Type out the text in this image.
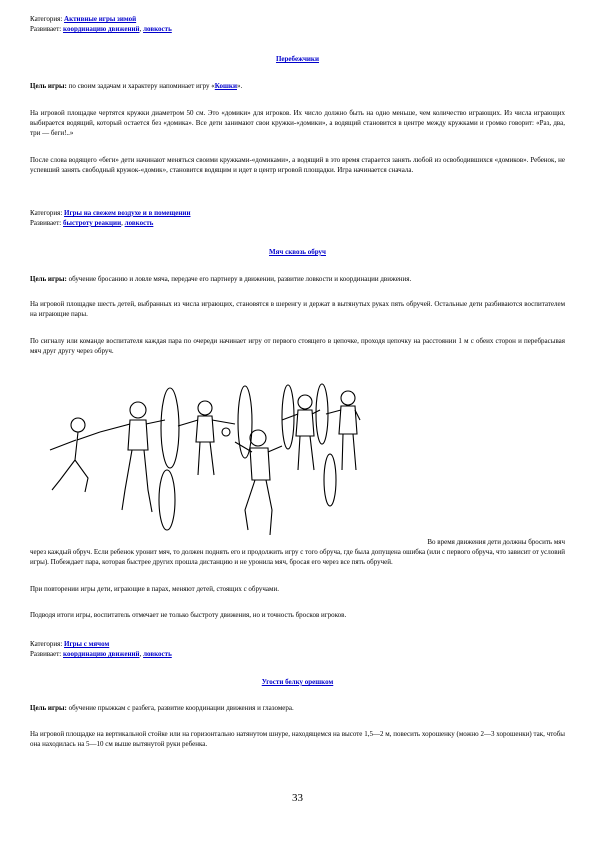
Категория: Активные игры зимой

Развивает: координацию движений, ловкость

Перебежчики

Цель игры: по своим задачам и характеру напоминает игру «Кошки».

На игровой площадке чертятся кружки диаметром 50 см. Это «домики» для игроков. Их число должно быть на одно меньше, чем количество играющих. Из числа играющих выбирается водящий, который остается без «домика». Все дети занимают свои кружки-«домики», а водящий становится в центре между кружками и громко говорит: «Раз, два, три — беги!..»

После слова водящего «беги» дети начинают меняться своими кружками-«домиками», а водящий в это время старается занять любой из освободившихся «домиков». Ребенок, не успевший занять свободный кружок-«домик», становится водящим и идет в центр игровой площадки. Игра начинается сначала.

Категория: Игры на свежем воздухе и в помещении

Развивает: быстроту реакции, ловкость

Мяч сквозь обруч

Цель игры: обучение бросанию и ловле мяча, передаче его партнеру в движении, развитие ловкости и координации движения.

На игровой площадке шесть детей, выбранных из числа играющих, становятся в шеренгу и держат в вытянутых руках пять обручей. Остальные дети разбиваются воспитателем на играющие пары.

По сигналу или команде воспитателя каждая пара по очереди начинает игру от первого стоящего в цепочке, проходя цепочку на расстоянии 1 м с обеих сторон и перебрасывая мяч друг другу через обруч.

Во время движения дети должны бросить мяч

через каждый обруч. Если ребенок уронит мяч, то должен поднять его и продолжить игру с того обруча, где была допущена ошибка (или с первого обруча, что зависит от условий игры). Побеждает пара, которая быстрее других прошла дистанцию и не уронила мяч, бросая его через все пять обручей.

При повторении игры дети, играющие в парах, меняют детей, стоящих с обручами.

Подводя итоги игры, воспитатель отмечает не только быстроту движения, но и точность бросков игроков.

Категория: Игры с мячом

Развивает: координацию движений, ловкость

Угости белку орешком

Цель игры: обучение прыжкам с разбега, развитие координации движения и глазомера.

На игровой площадке на вертикальной стойке или на горизонтально натянутом шнуре, находящемся на высоте 1,5—2 м, повесить хорошенку (можно 2—3 хорошенки) так, чтобы она находилась на 5—10 см выше вытянутой руки ребенка.

33
